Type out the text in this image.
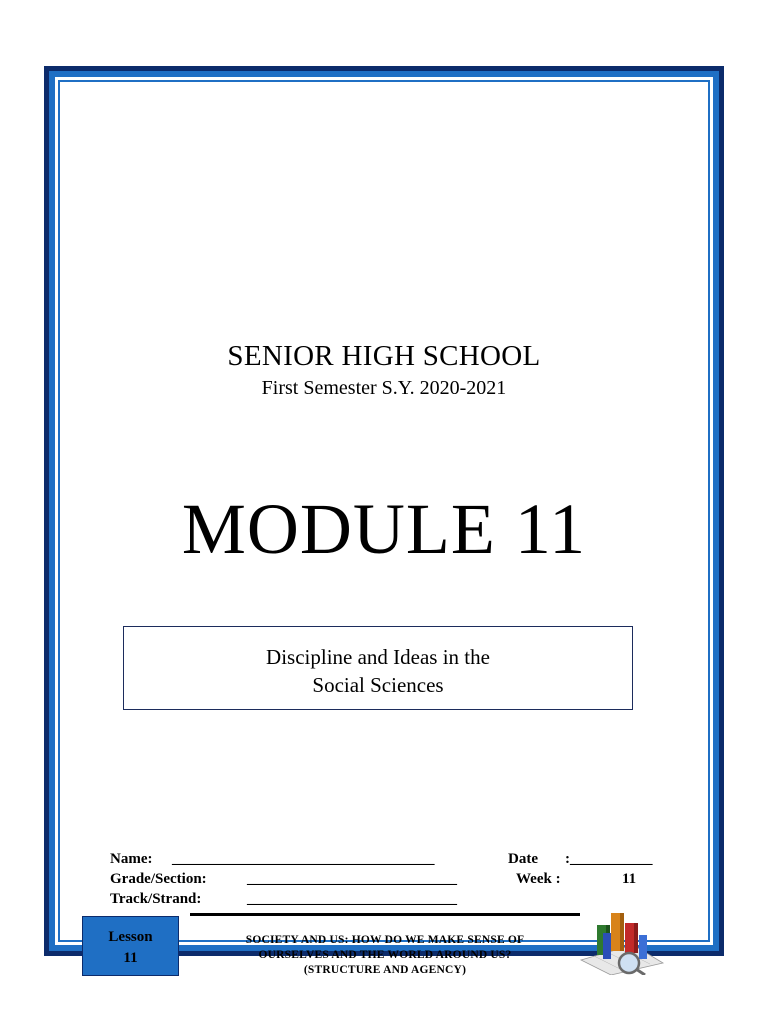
SENIOR HIGH SCHOOL
First Semester S.Y. 2020-2021
MODULE 11
Discipline and Ideas in the
Social Sciences
Name: ___________________________________	Date :___________
Grade/Section:	____________________________	Week :	11
Track/Strand:	____________________________
Lesson
11
SOCIETY AND US: HOW DO WE MAKE SENSE OF
OURSELVES AND THE WORLD AROUND US?
(STRUCTURE AND AGENCY)
